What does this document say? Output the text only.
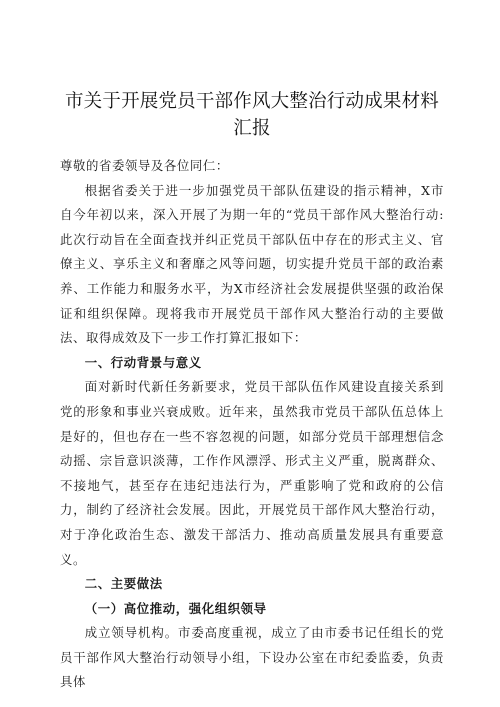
市关于开展党员干部作风大整治行动成果材料汇报

尊敬的省委领导及各位同仁：

根据省委关于进一步加强党员干部队伍建设的指示精神，X市自今年初以来，深入开展了为期一年的“党员干部作风大整治行动:此次行动旨在全面查找并纠正党员干部队伍中存在的形式主义、官僚主义、享乐主义和奢靡之风等问题，切实提升党员干部的政治素养、工作能力和服务水平，为X市经济社会发展提供坚强的政治保证和组织保障。现将我市开展党员干部作风大整治行动的主要做法、取得成效及下一步工作打算汇报如下：

一、行动背景与意义

面对新时代新任务新要求，党员干部队伍作风建设直接关系到党的形象和事业兴衰成败。近年来，虽然我市党员干部队伍总体上是好的，但也存在一些不容忽视的问题，如部分党员干部理想信念动摇、宗旨意识淡薄，工作作风漂浮、形式主义严重，脱离群众、不接地气，甚至存在违纪违法行为，严重影响了党和政府的公信力，制约了经济社会发展。因此，开展党员干部作风大整治行动，对于净化政治生态、激发干部活力、推动高质量发展具有重要意义。

二、主要做法

（一）高位推动，强化组织领导

成立领导机构。市委高度重视，成立了由市委书记任组长的党员干部作风大整治行动领导小组，下设办公室在市纪委监委，负责具体
